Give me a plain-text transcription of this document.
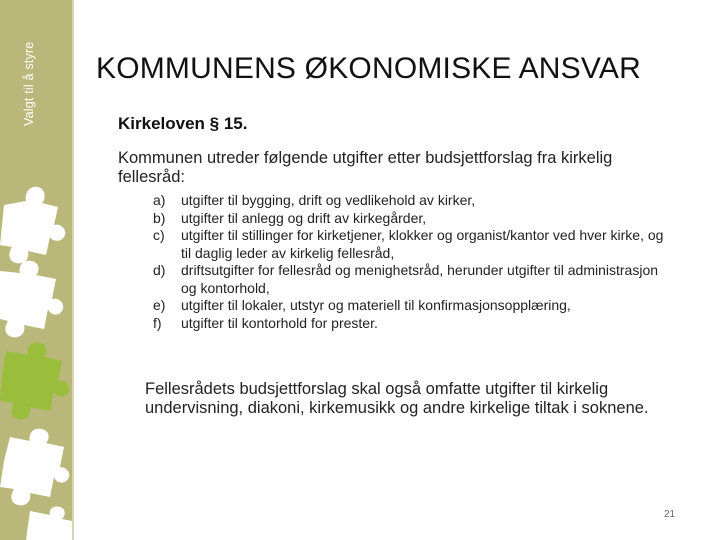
Valgt til å styre KOMMUNENS ØKONOMISKE ANSVAR
Kirkeloven § 15.
Kommunen utreder følgende utgifter etter budsjettforslag fra kirkelig fellesråd:
a) utgifter til bygging, drift og vedlikehold av kirker,
b) utgifter til anlegg og drift av kirkegårder,
c) utgifter til stillinger for kirketjener, klokker og organist/kantor ved hver kirke, og til daglig leder av kirkelig fellesråd,
d) driftsutgifter for fellesråd og menighetsråd, herunder utgifter til administrasjon og kontorhold,
e) utgifter til lokaler, utstyr og materiell til konfirmasjonsopplæring,
f) utgifter til kontorhold for prester.
Fellesrådets budsjettforslag skal også omfatte utgifter til kirkelig undervisning, diakoni, kirkemusikk og andre kirkelige tiltak i soknene.
21
